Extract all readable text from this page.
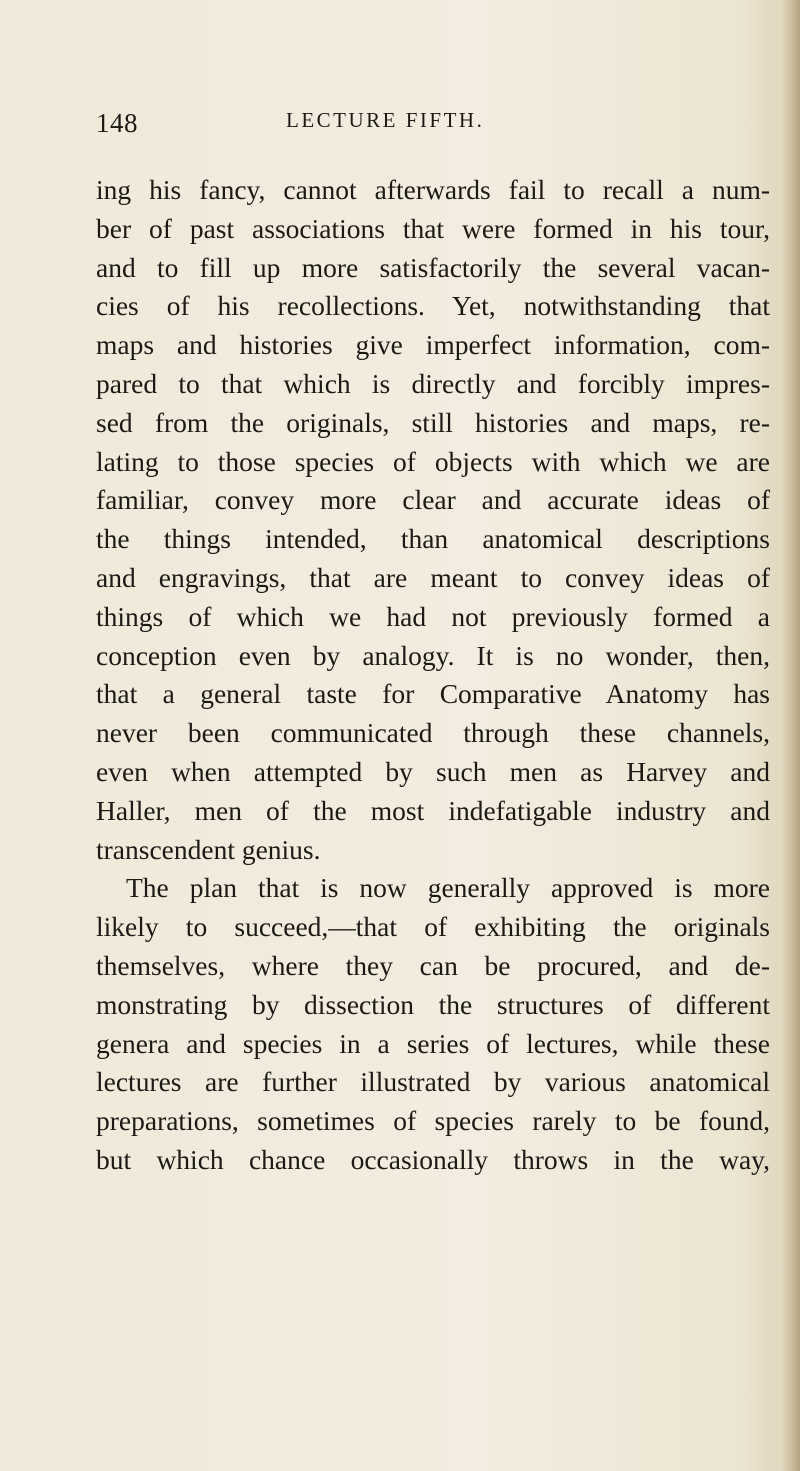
148	LECTURE FIFTH.
ing his fancy, cannot afterwards fail to recall a num-
ber of past associations that were formed in his tour,
and to fill up more satisfactorily the several vacan-
cies of his recollections. Yet, notwithstanding that
maps and histories give imperfect information, com-
pared to that which is directly and forcibly impres-
sed from the originals, still histories and maps, re-
lating to those species of objects with which we are
familiar, convey more clear and accurate ideas of
the things intended, than anatomical descriptions
and engravings, that are meant to convey ideas of
things of which we had not previously formed a
conception even by analogy. It is no wonder, then,
that a general taste for Comparative Anatomy has
never been communicated through these channels,
even when attempted by such men as Harvey and
Haller, men of the most indefatigable industry and
transcendent genius.
The plan that is now generally approved is more
likely to succeed,—that of exhibiting the originals
themselves, where they can be procured, and de-
monstrating by dissection the structures of different
genera and species in a series of lectures, while these
lectures are further illustrated by various anatomical
preparations, sometimes of species rarely to be found,
but which chance occasionally throws in the way,
